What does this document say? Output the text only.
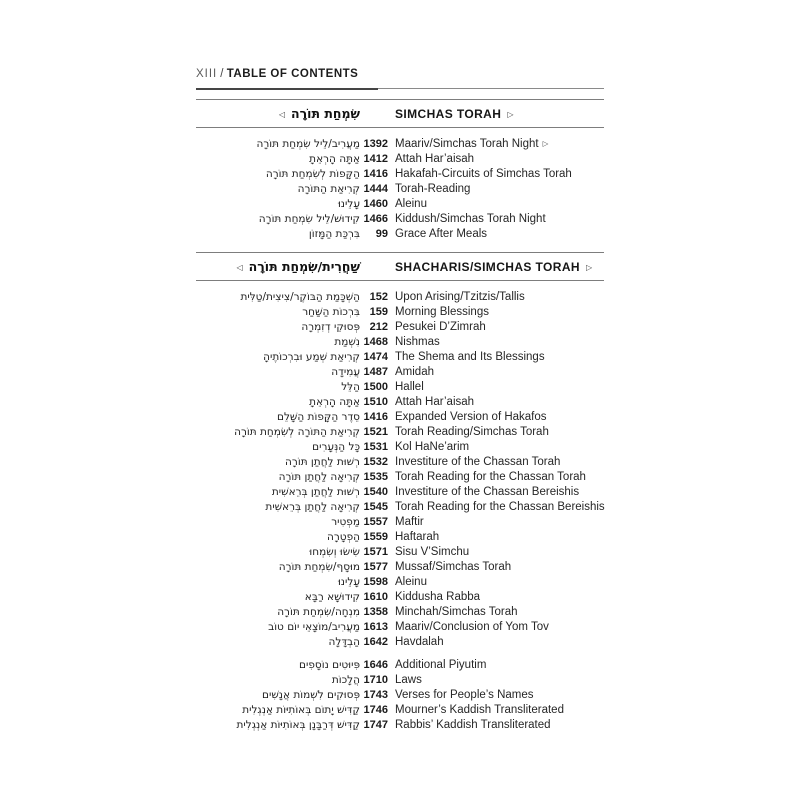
XIII / TABLE OF CONTENTS
◁ שִׂמְחַת תּוֹרָה	SIMCHAS TORAH ▷
מַעֲרִיב/לֵיל שִׂמְחַת תּוֹרָה 1392 Maariv/Simchas Torah Night ▷
אַתָּה הָרְאֵתָ 1412 Attah Har’aisah
הַקָּפוֹת לְשִׂמְחַת תּוֹרָה 1416 Hakafah-Circuits of Simchas Torah
קְרִיאַת הַתּוֹרָה 1444 Torah-Reading
עָלֵינוּ 1460 Aleinu
קִידוּשׁ/לֵיל שִׂמְחַת תּוֹרָה 1466 Kiddush/Simchas Torah Night
בִּרְכַּת הַמָּזוֹן	99 Grace After Meals
◁ שַׁחֲרִית/שִׂמְחַת תּוֹרָה	SHACHARIS/SIMCHAS TORAH ▷
הַשְׁכָּמַת הַבּוֹקֶר/צִיצִית/טַלִּית 152 Upon Arising/Tzitzis/Tallis
בִּרְכוֹת הַשַּׁחַר 159 Morning Blessings
פְּסוּקֵי דְזִמְרָה 212 Pesukei D’Zimrah
נִשְׁמַת 1468 Nishmas
קְרִיאַת שְׁמַע וּבִרְכוֹתֶיהָ 1474 The Shema and Its Blessings
עֲמִידָה 1487 Amidah
הַלֵּל 1500 Hallel
אַתָּה הָרְאֵתָ 1510 Attah Har’aisah
סֵדֶר הַקָּפוֹת הַשָּׁלֵם 1416 Expanded Version of Hakafos
קְרִיאַת הַתּוֹרָה לְשִׂמְחַת תּוֹרָה 1521 Torah Reading/Simchas Torah
כָּל הַנְּעָרִים 1531 Kol HaNe’arim
רְשׁוּת לַחֲתַן תּוֹרָה 1532 Investiture of the Chassan Torah
קְרִיאָה לַחֲתַן תּוֹרָה 1535 Torah Reading for the Chassan Torah
רְשׁוּת לַחֲתַן בְּרֵאשִׁית 1540 Investiture of the Chassan Bereishis
קְרִיאָה לַחֲתַן בְּרֵאשִׁית 1545 Torah Reading for the Chassan Bereishis
מַפְטִיר 1557 Maftir
הַפְטָרָה 1559 Haftarah
שִׂישׂוּ וְשִׂמְחוּ 1571 Sisu V’Simchu
מוּסָף/שִׂמְחַת תּוֹרָה 1577 Mussaf/Simchas Torah
עָלֵינוּ 1598 Aleinu
קִידוּשָׁא רַבָּא 1610 Kiddusha Rabba
מִנְחָה/שִׂמְחַת תּוֹרָה 1358 Minchah/Simchas Torah
מַעֲרִיב/מוֹצָאֵי יוֹם טוֹב 1613 Maariv/Conclusion of Yom Tov
הַבְדָּלָה 1642 Havdalah
פִּיוּטִים נוֹסָפִים 1646 Additional Piyutim
הֲלָכוֹת 1710 Laws
פְּסוּקִים לִשְׁמוֹת אֲנָשִׁים 1743 Verses for People’s Names
קַדִּישׁ יָתוֹם בְּאוֹתִיּוֹת אַנְגְלִית 1746 Mourner’s Kaddish Transliterated
קַדִּישׁ דְּרַבָּנָן בְּאוֹתִיּוֹת אַנְגְלִית 1747 Rabbis’ Kaddish Transliterated
